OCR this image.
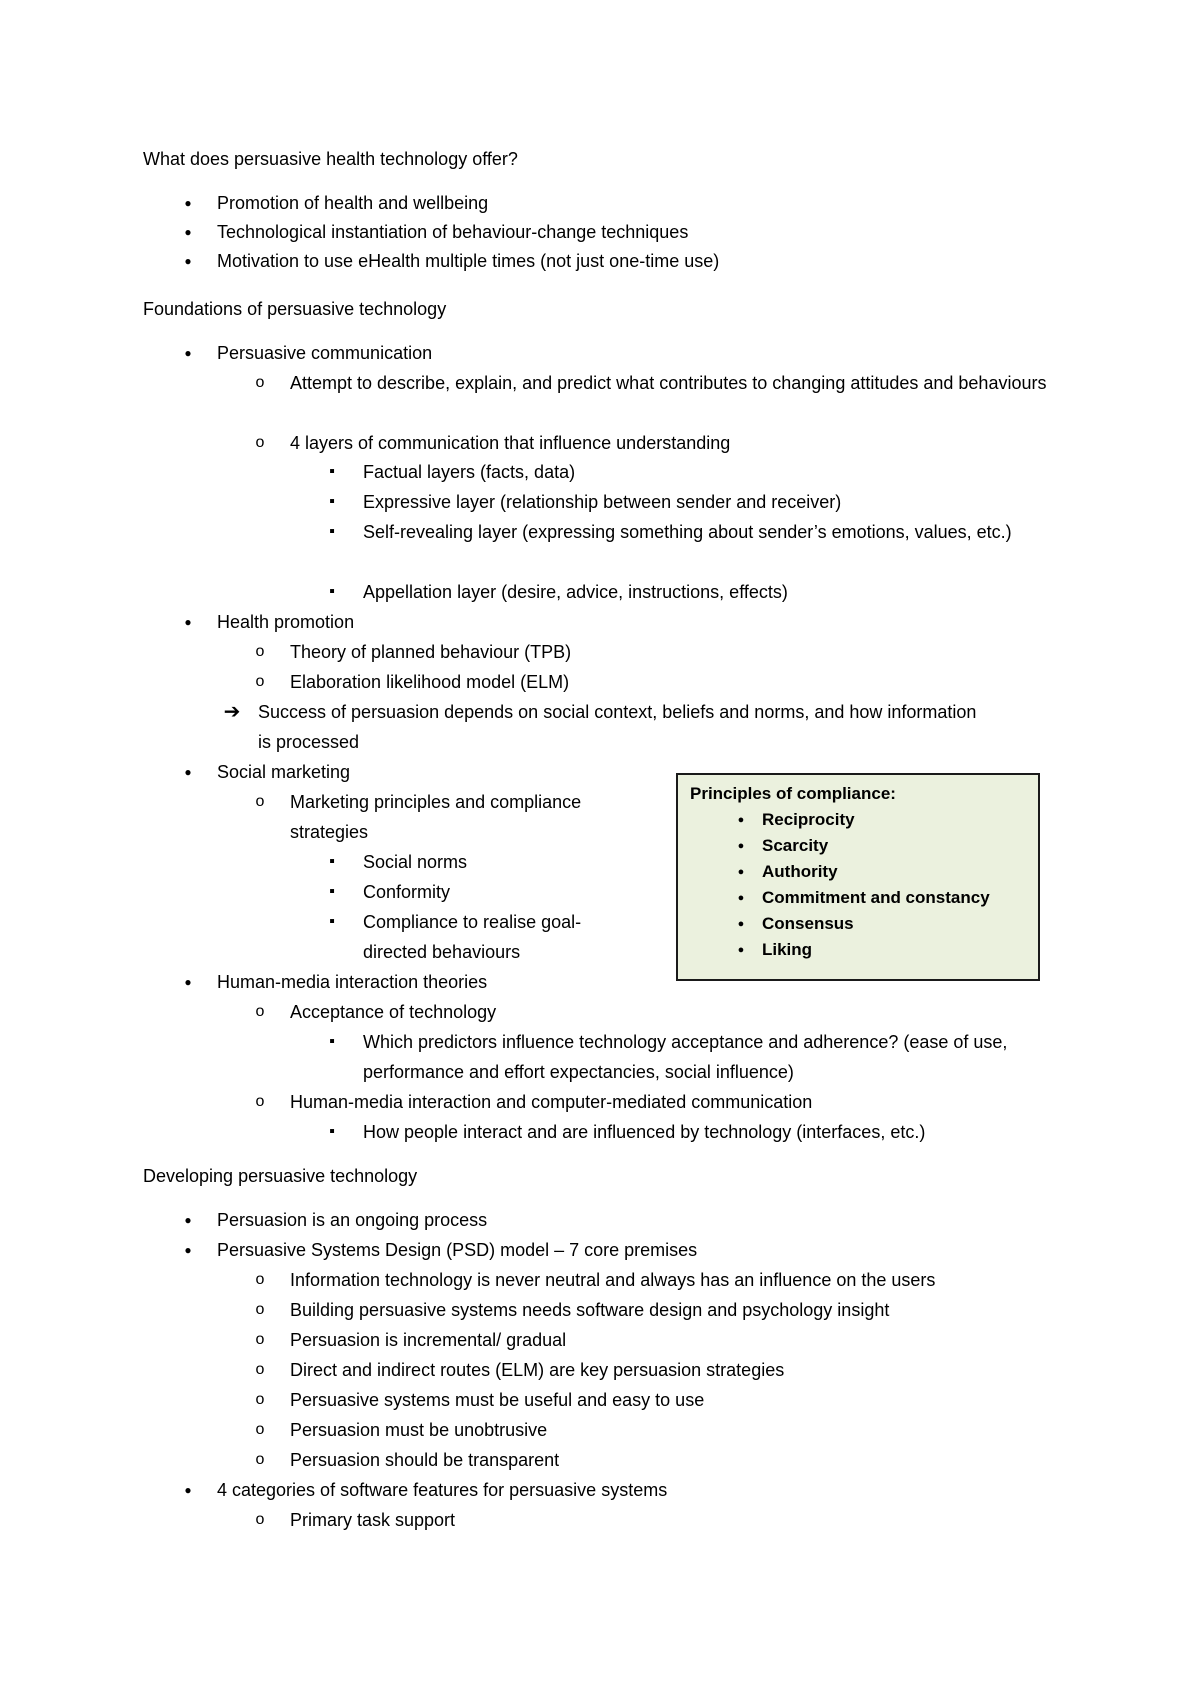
What does persuasive health technology offer?

●
Promotion of health and wellbeing
●
Technological instantiation of behaviour-change techniques
●
Motivation to use eHealth multiple times (not just one-time use)

Foundations of persuasive technology

●
Persuasive communication
o
Attempt to describe, explain, and predict what contributes to changing attitudes and behaviours
o
4 layers of communication that influence understanding
▪
Factual layers (facts, data)
▪
Expressive layer (relationship between sender and receiver)
▪
Self-revealing layer (expressing something about sender’s emotions, values, etc.)
▪
Appellation layer (desire, advice, instructions, effects)
●
Health promotion
o
Theory of planned behaviour (TPB)
o
Elaboration likelihood model (ELM)
➔
Success of persuasion depends on social context, beliefs and norms, and how information is processed
●
Social marketing
o
Marketing principles and compliance strategies
▪
Social norms
▪
Conformity
▪
Compliance to realise goal-directed behaviours
●
Human-media interaction theories
o
Acceptance of technology
▪
Which predictors influence technology acceptance and adherence? (ease of use, performance and effort expectancies, social influence)
o
Human-media interaction and computer-mediated communication
▪
How people interact and are influenced by technology (interfaces, etc.)

Developing persuasive technology

●
Persuasion is an ongoing process
●
Persuasive Systems Design (PSD) model – 7 core premises
o
Information technology is never neutral and always has an influence on the users
o
Building persuasive systems needs software design and psychology insight
o
Persuasion is incremental/ gradual
o
Direct and indirect routes (ELM) are key persuasion strategies
o
Persuasive systems must be useful and easy to use
o
Persuasion must be unobtrusive
o
Persuasion should be transparent
●
4 categories of software features for persuasive systems
o
Primary task support
Principles of compliance:
●	Reciprocity
●	Scarcity
●	Authority
●	Commitment and constancy
●	Consensus
●	Liking
